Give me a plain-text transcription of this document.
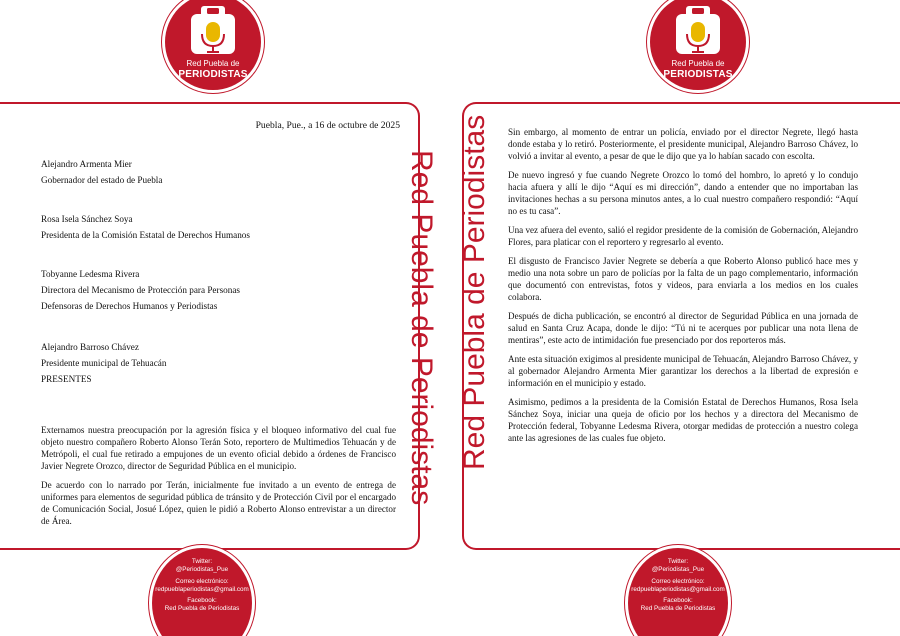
Red Puebla de
PERIODISTAS
Puebla, Pue., a 16 de octubre de 2025
Alejandro Armenta Mier
Gobernador del estado de Puebla
Rosa Isela Sánchez Soya
Presidenta de la Comisión Estatal de Derechos Humanos
Tobyanne Ledesma Rivera
Directora del Mecanismo de Protección para Personas
Defensoras de Derechos Humanos y Periodistas
Alejandro Barroso Chávez
Presidente municipal de Tehuacán
PRESENTES

Externamos nuestra preocupación por la agresión física y el bloqueo informativo del cual fue objeto nuestro compañero Roberto Alonso Terán Soto, reportero de Multimedios Tehuacán y de Metrópoli, el cual fue retirado a empujones de un evento oficial debido a órdenes de Francisco Javier Negrete Orozco, director de Seguridad Pública en el municipio.

De acuerdo con lo narrado por Terán, inicialmente fue invitado a un evento de entrega de uniformes para elementos de seguridad pública de tránsito y de Protección Civil por el encargado de Comunicación Social, Josué López, quien le pidió a Roberto Alonso entrevistar a un director de Área.

Red Puebla de Periodistas
Twitter:
@Periodistas_Pue
Correo electrónico:
redpueblaperiodistas@gmail.com
Facebook:
Red Puebla de Periodistas
Red Puebla de
PERIODISTAS
Red Puebla de Periodistas Sin embargo, al momento de entrar un policía, enviado por el director Negrete, llegó hasta donde estaba y lo retiró. Posteriormente, el presidente municipal, Alejandro Barroso Chávez, lo volvió a invitar al evento, a pesar de que le dijo que ya lo habían sacado con escolta.

De nuevo ingresó y fue cuando Negrete Orozco lo tomó del hombro, lo apretó y lo condujo hacia afuera y allí le dijo “Aquí es mi dirección”, dando a entender que no importaban las invitaciones hechas a su persona minutos antes, a lo cual nuestro compañero respondió: “Aquí no es tu casa”.

Una vez afuera del evento, salió el regidor presidente de la comisión de Gobernación, Alejandro Flores, para platicar con el reportero y regresarlo al evento.

El disgusto de Francisco Javier Negrete se debería a que Roberto Alonso publicó hace mes y medio una nota sobre un paro de policías por la falta de un pago complementario, información que documentó con entrevistas, fotos y videos, para enviarla a los medios en los cuales colabora.

Después de dicha publicación, se encontró al director de Seguridad Pública en una jornada de salud en Santa Cruz Acapa, donde le dijo: “Tú ni te acerques por publicar una nota llena de mentiras”, este acto de intimidación fue presenciado por dos reporteros más.

Ante esta situación exigimos al presidente municipal de Tehuacán, Alejandro Barroso Chávez, y al gobernador Alejandro Armenta Mier garantizar los derechos a la libertad de expresión e información en el municipio y estado.

Asimismo, pedimos a la presidenta de la Comisión Estatal de Derechos Humanos, Rosa Isela Sánchez Soya, iniciar una queja de oficio por los hechos y a directora del Mecanismo de Protección federal, Tobyanne Ledesma Rivera, otorgar medidas de protección a nuestro colega ante las agresiones de las cuales fue objeto.

Twitter:
@Periodistas_Pue
Correo electrónico:
redpueblaperiodistas@gmail.com
Facebook:
Red Puebla de Periodistas
